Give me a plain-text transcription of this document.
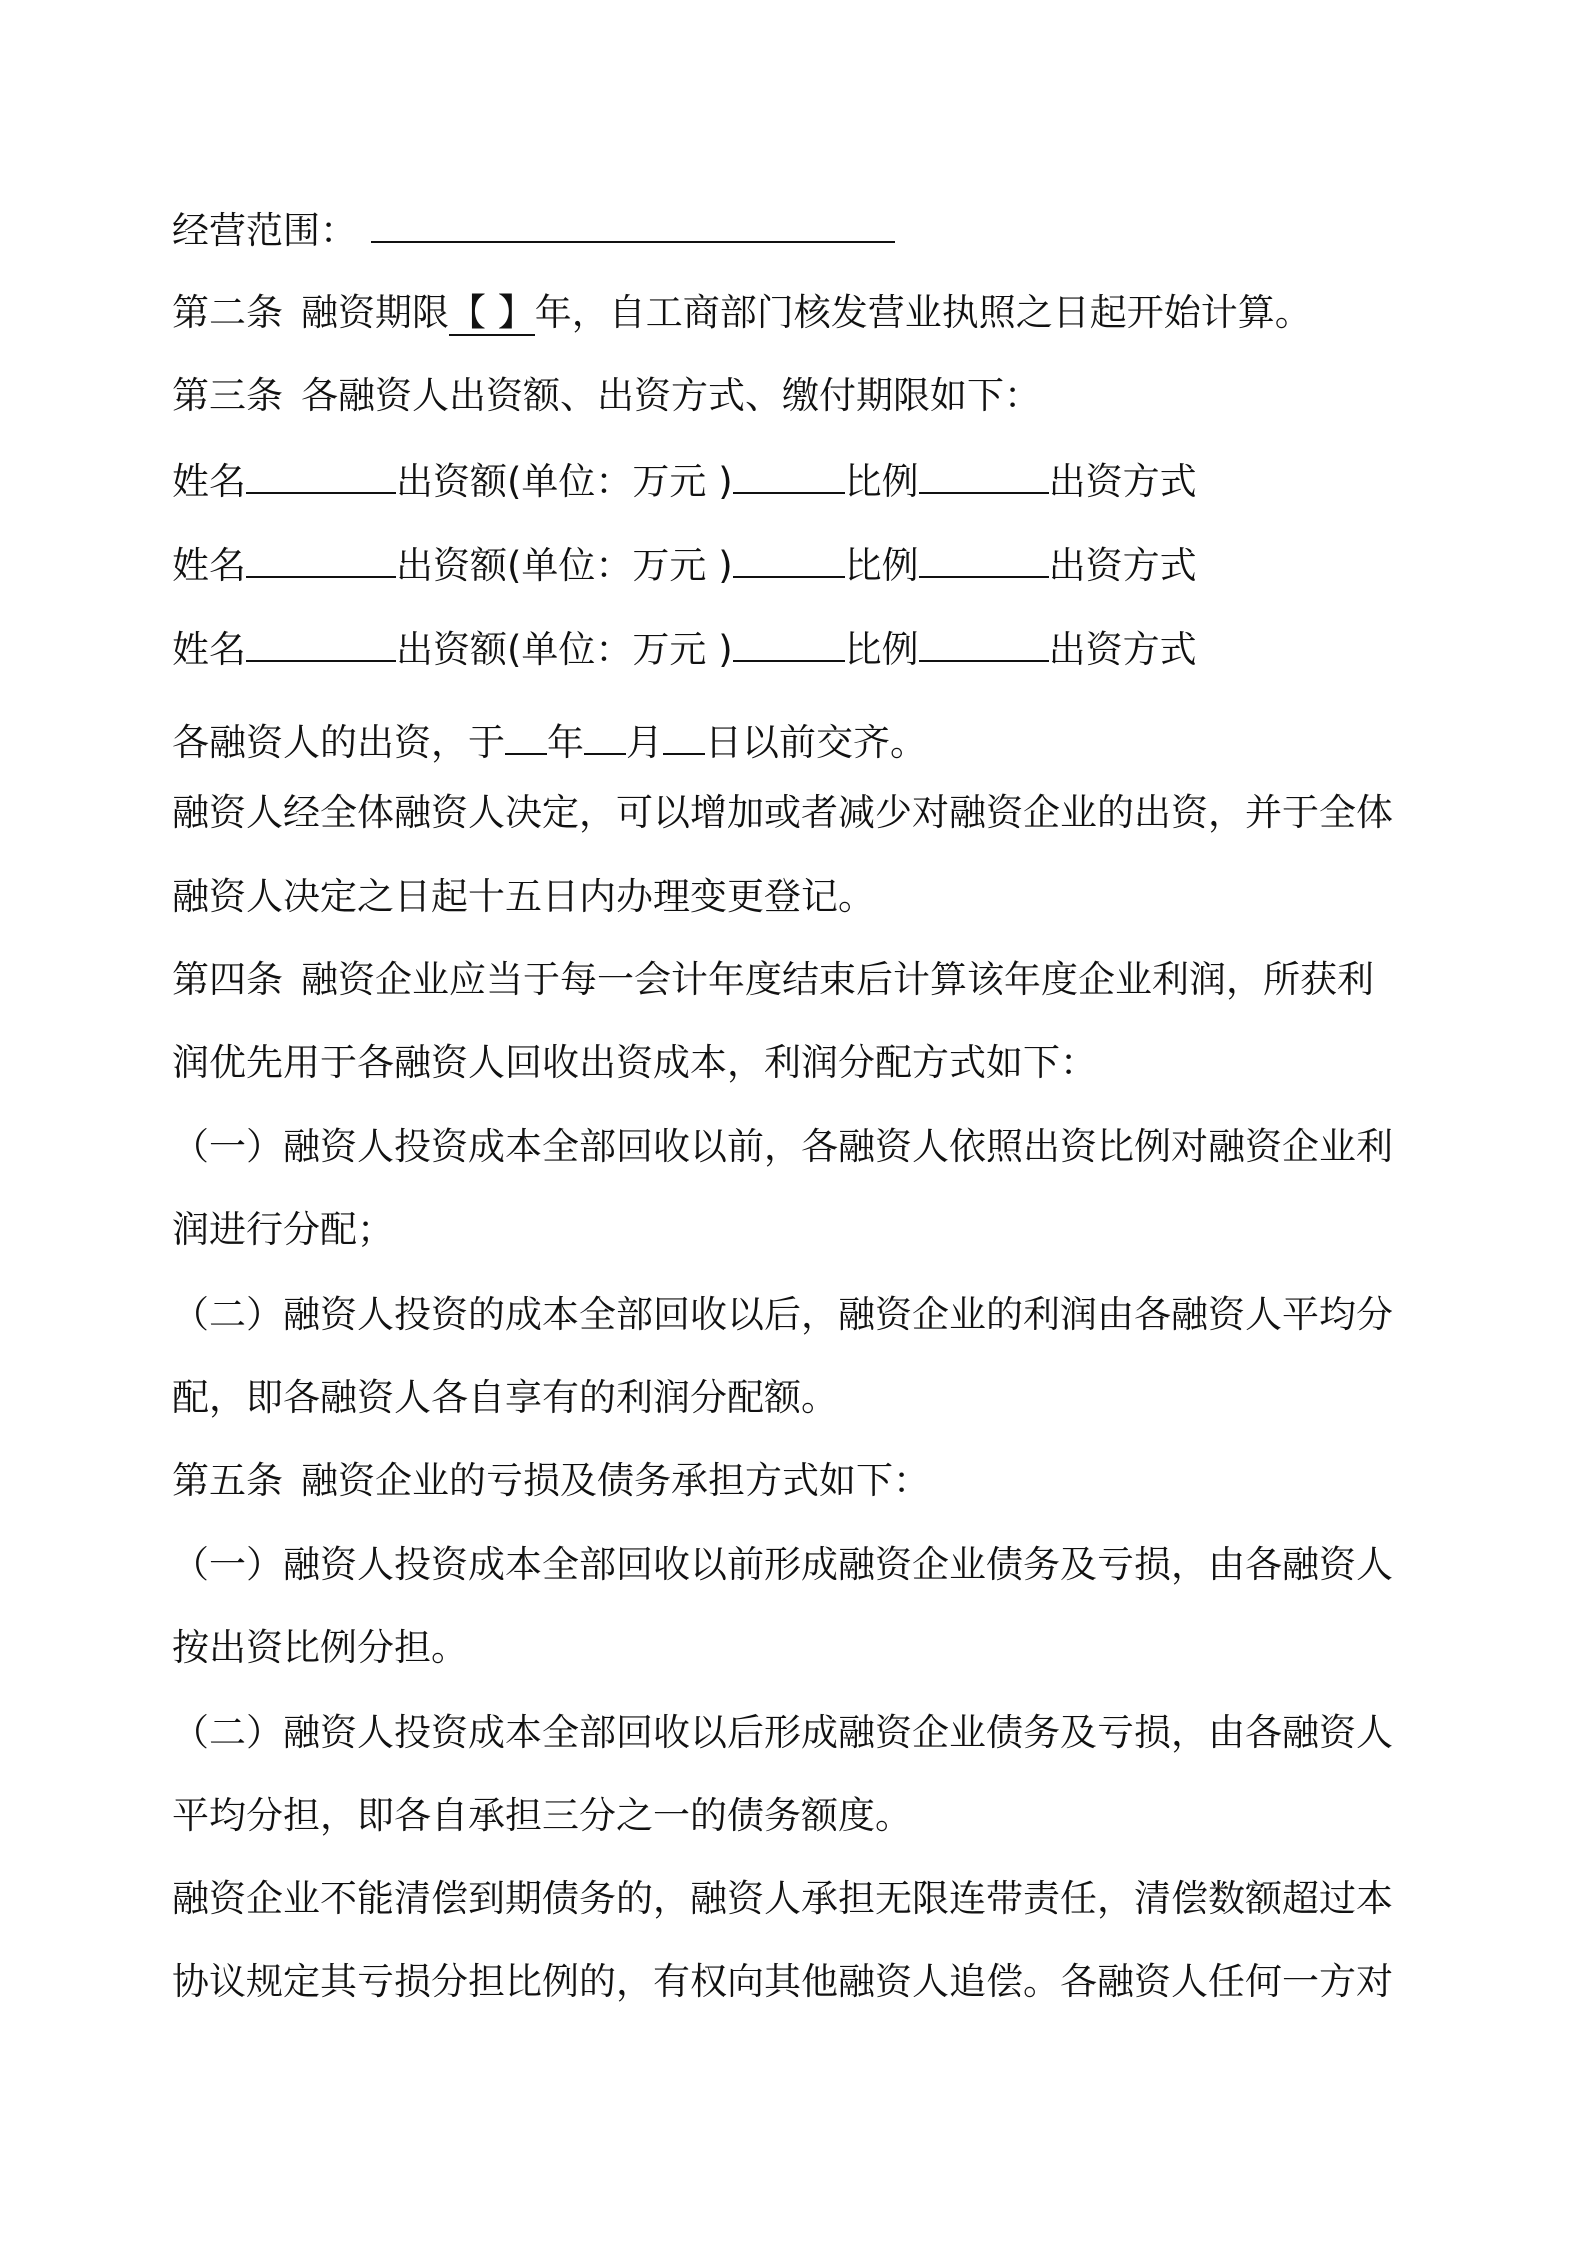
经营范围：
第二条 融资期限【 】年，自工商部门核发营业执照之日起开始计算。
第三条 各融资人出资额、出资方式、缴付期限如下：
姓名	出资额(单位：万元 )	比例	出资方式
姓名	出资额(单位：万元 )	比例	出资方式
姓名	出资额(单位：万元 )	比例	出资方式
各融资人的出资，于 年 月 日以前交齐。
融资人经全体融资人决定，可以增加或者减少对融资企业的出资，并于全体
融资人决定之日起十五日内办理变更登记。
第四条 融资企业应当于每一会计年度结束后计算该年度企业利润，所获利
润优先用于各融资人回收出资成本，利润分配方式如下：
（一）融资人投资成本全部回收以前，各融资人依照出资比例对融资企业利
润进行分配；
（二）融资人投资的成本全部回收以后，融资企业的利润由各融资人平均分
配，即各融资人各自享有的利润分配额。
第五条 融资企业的亏损及债务承担方式如下：
（一）融资人投资成本全部回收以前形成融资企业债务及亏损，由各融资人
按出资比例分担。
（二）融资人投资成本全部回收以后形成融资企业债务及亏损，由各融资人
平均分担，即各自承担三分之一的债务额度。
融资企业不能清偿到期债务的，融资人承担无限连带责任，清偿数额超过本
协议规定其亏损分担比例的，有权向其他融资人追偿。各融资人任何一方对
